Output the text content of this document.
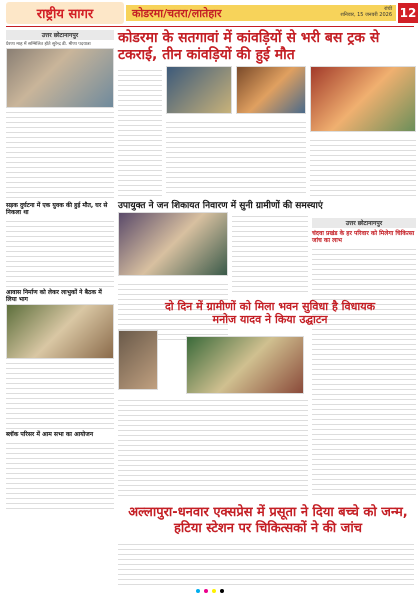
राष्ट्रीय सागर	कोडरमा/चतरा/लातेहार	रांची
शनिवार, 15 जनवरी 2026 12
उत्तर छोटानागपुर
प्रेरणा माह में सम्मिलित होते सुरेन्द्र डी. मीणा पदयात्रा
सड़क दुर्घटना में एक युवक की हुई मौत, घर से निकला था
आवास निर्माण को लेकर लाभुकों ने बैठक में लिया भाग
ब्लॉक परिसर में आम सभा का आयोजन
कोडरमा के सतगावां में कांवड़ियों से भरी बस ट्रक से टकराई, तीन कांवड़ियों की हुई मौत
उपायुक्त ने जन शिकायत निवारण में सुनी ग्रामीणों की समस्याएं
उत्तर छोटानागपुर
चंदवा प्रखंड के हर परिवार को मिलेगा चिकित्सा जांच का लाभ
दो दिन में ग्रामीणों को मिला भवन सुविधा है विधायक मनोज यादव ने किया उद्घाटन
अल्लापुरा-धनवार एक्सप्रेस में प्रसूता ने दिया बच्चे को जन्म, हटिया स्टेशन पर चिकित्सकों ने की जांच
